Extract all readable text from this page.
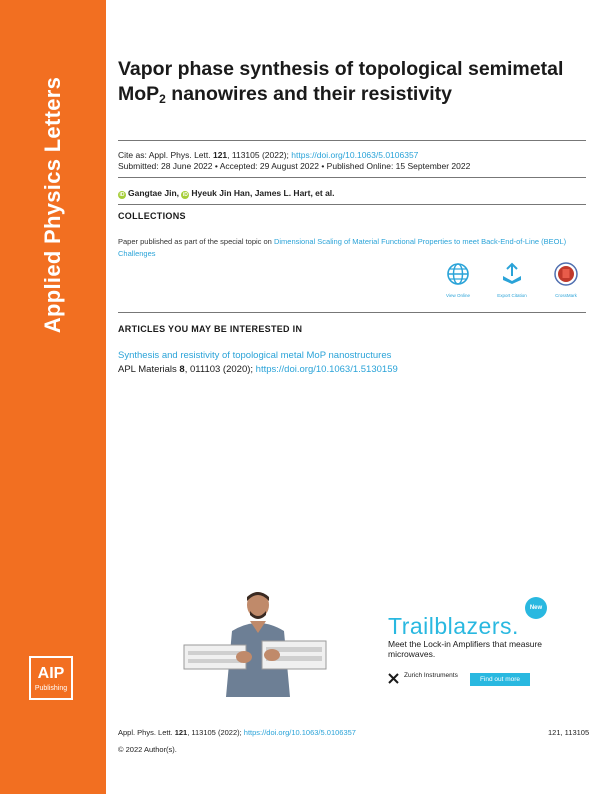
Applied Physics Letters
AIP
Publishing
Vapor phase synthesis of topological semimetal MoP$_2$ nanowires and their resistivity
Cite as: Appl. Phys. Lett. 121, 113105 (2022); https://doi.org/10.1063/5.0106357
Submitted: 28 June 2022 • Accepted: 29 August 2022 • Published Online: 15 September 2022
iD Gangtae Jin, iD Hyeuk Jin Han, James L. Hart, et al.
COLLECTIONS
Paper published as part of the special topic on Dimensional Scaling of Material Functional Properties to meet Back-End-of-Line (BEOL) Challenges
View Online	Export Citation	CrossMark
ARTICLES YOU MAY BE INTERESTED IN
Synthesis and resistivity of topological metal MoP nanostructures
APL Materials 8, 011103 (2020); https://doi.org/10.1063/1.5130159
Trailblazers.
New
Meet the Lock-in Amplifiers that measure microwaves.
Zurich Instruments
Find out more
Appl. Phys. Lett. 121, 113105 (2022); https://doi.org/10.1063/5.0106357	121, 113105
© 2022 Author(s).
